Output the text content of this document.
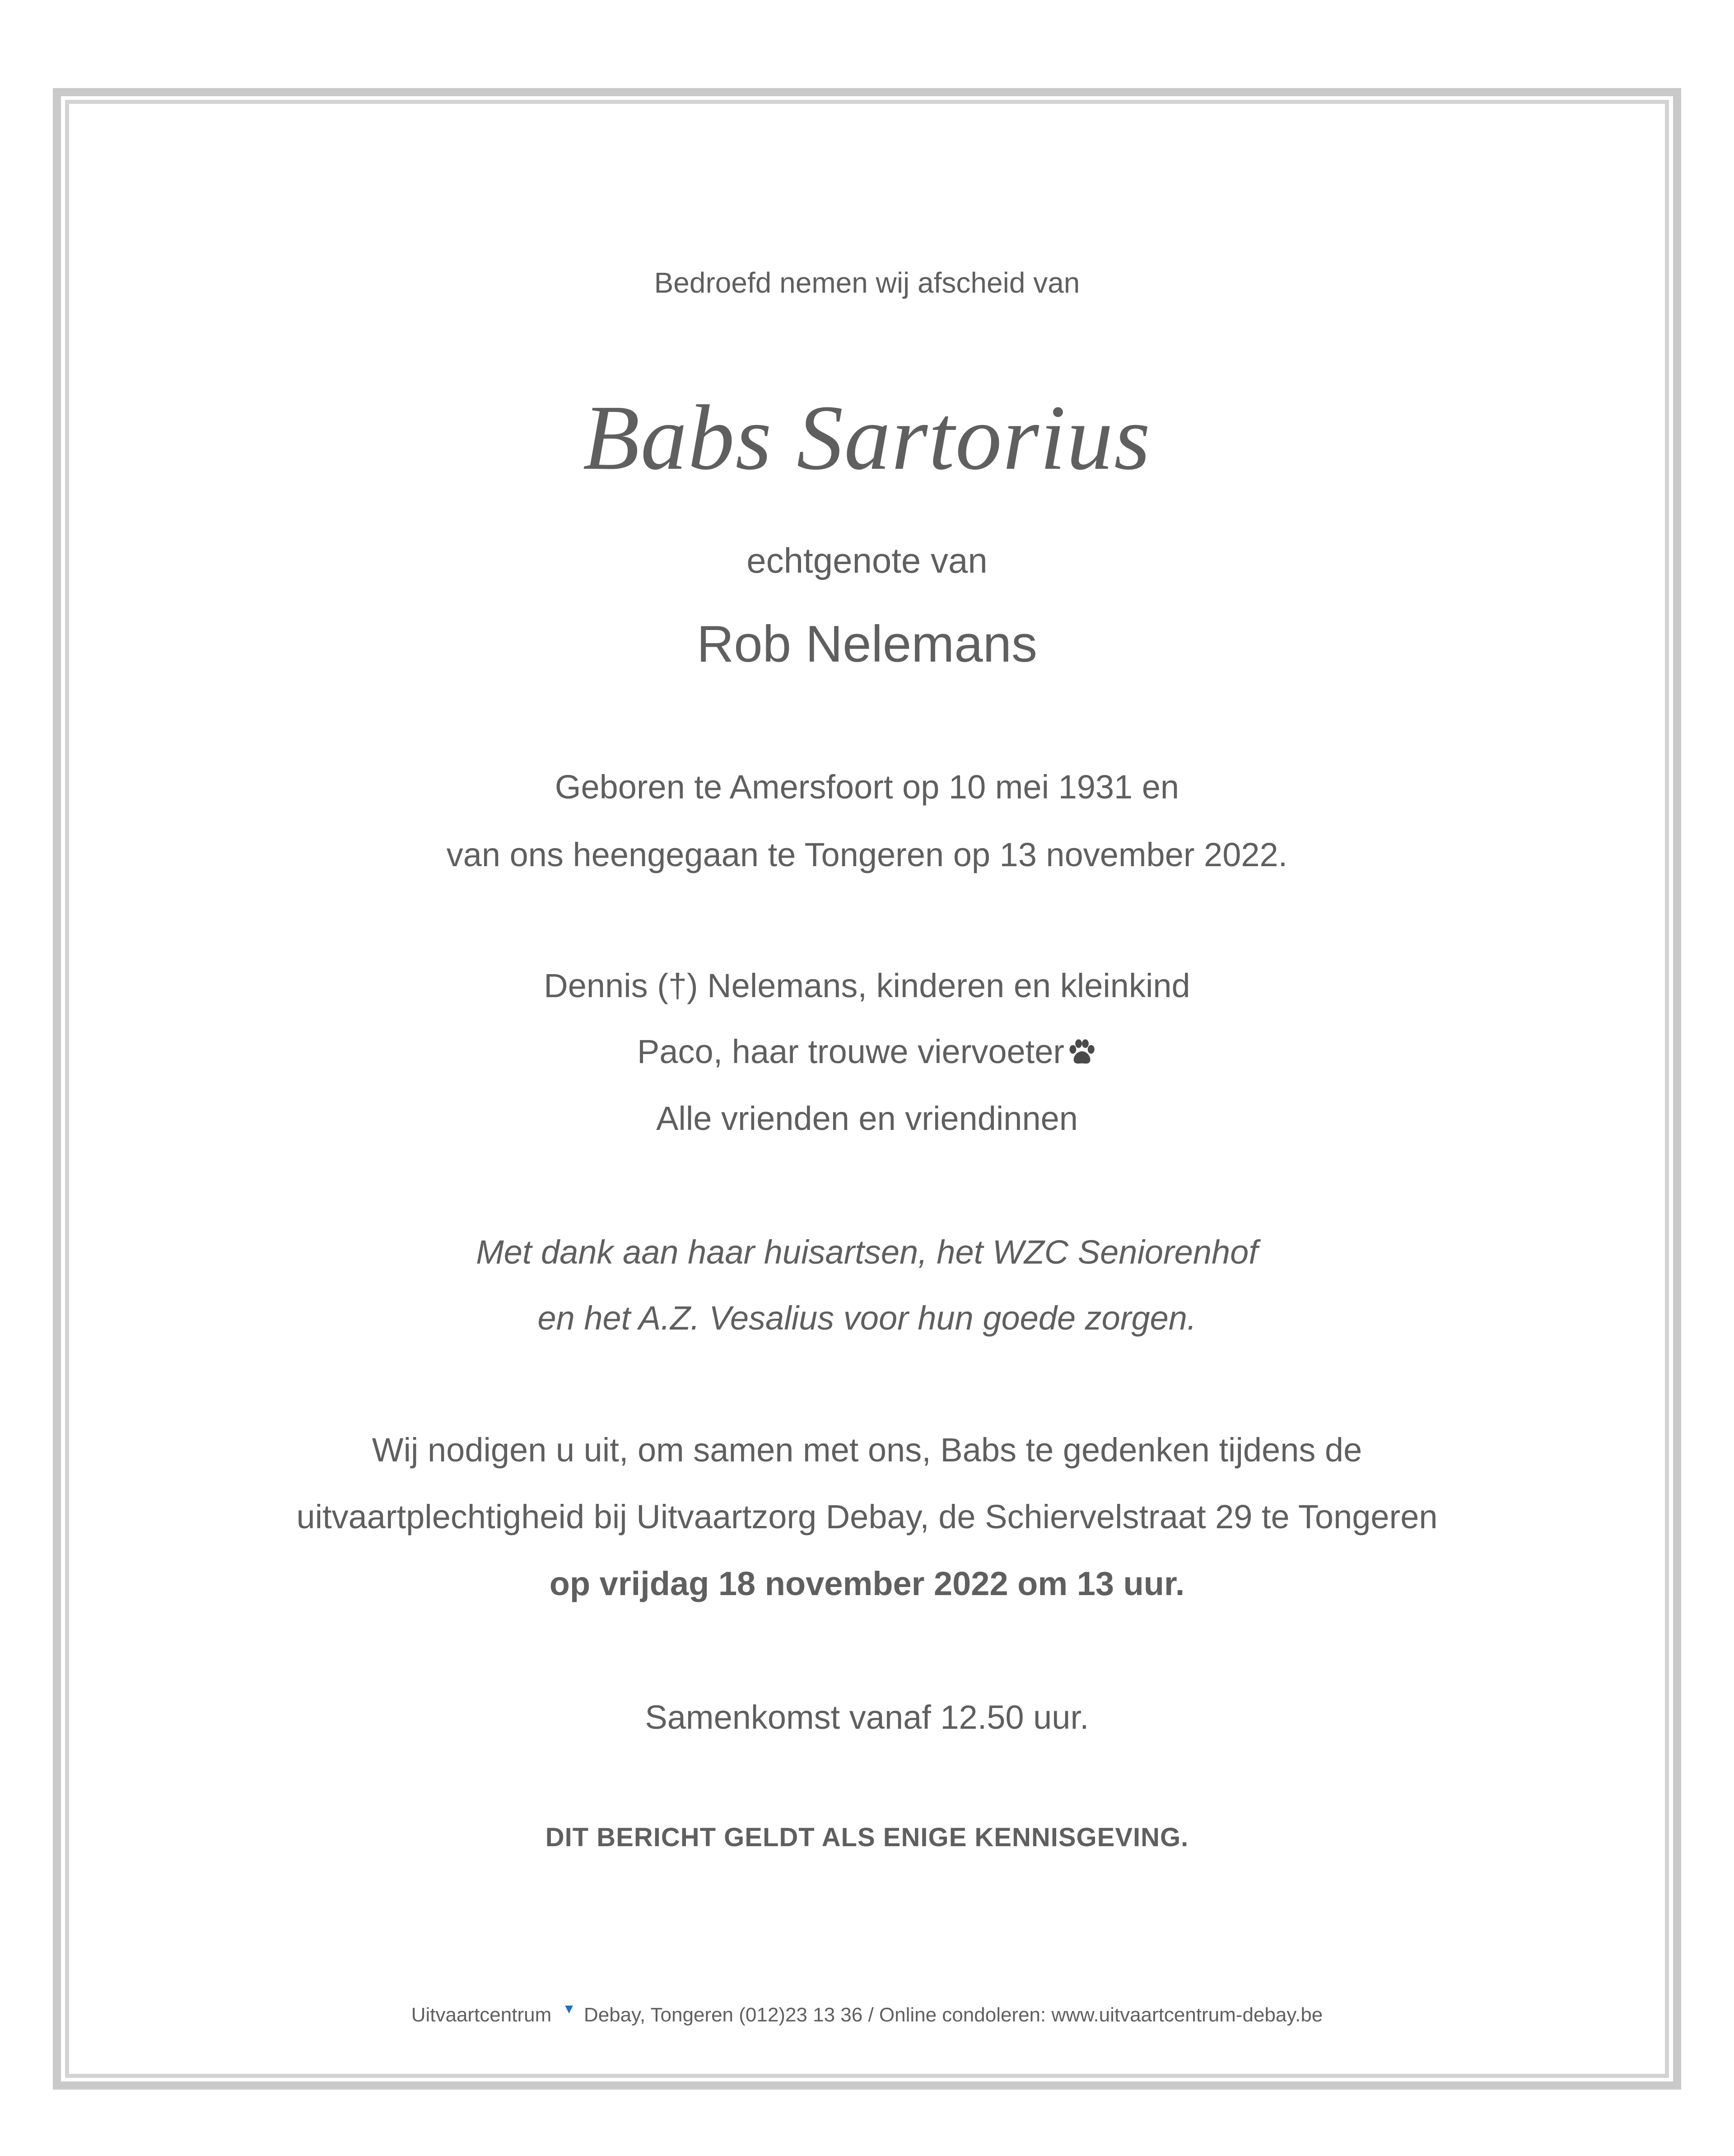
Bedroefd nemen wij afscheid van
Babs Sartorius
echtgenote van
Rob Nelemans
Geboren te Amersfoort op 10 mei 1931 en
van ons heengegaan te Tongeren op 13 november 2022.
Dennis (†) Nelemans, kinderen en kleinkind
Paco, haar trouwe viervoeter
Alle vrienden en vriendinnen
Met dank aan haar huisartsen, het WZC Seniorenhof
en het A.Z. Vesalius voor hun goede zorgen.
Wij nodigen u uit, om samen met ons, Babs te gedenken tijdens de
uitvaartplechtigheid bij Uitvaartzorg Debay, de Schiervelstraat 29 te Tongeren
op vrijdag 18 november 2022 om 13 uur.
Samenkomst vanaf 12.50 uur.
DIT BERICHT GELDT ALS ENIGE KENNISGEVING.
Uitvaartcentrum ▼ Debay, Tongeren (012)23 13 36 / Online condoleren: www.uitvaartcentrum-debay.be
